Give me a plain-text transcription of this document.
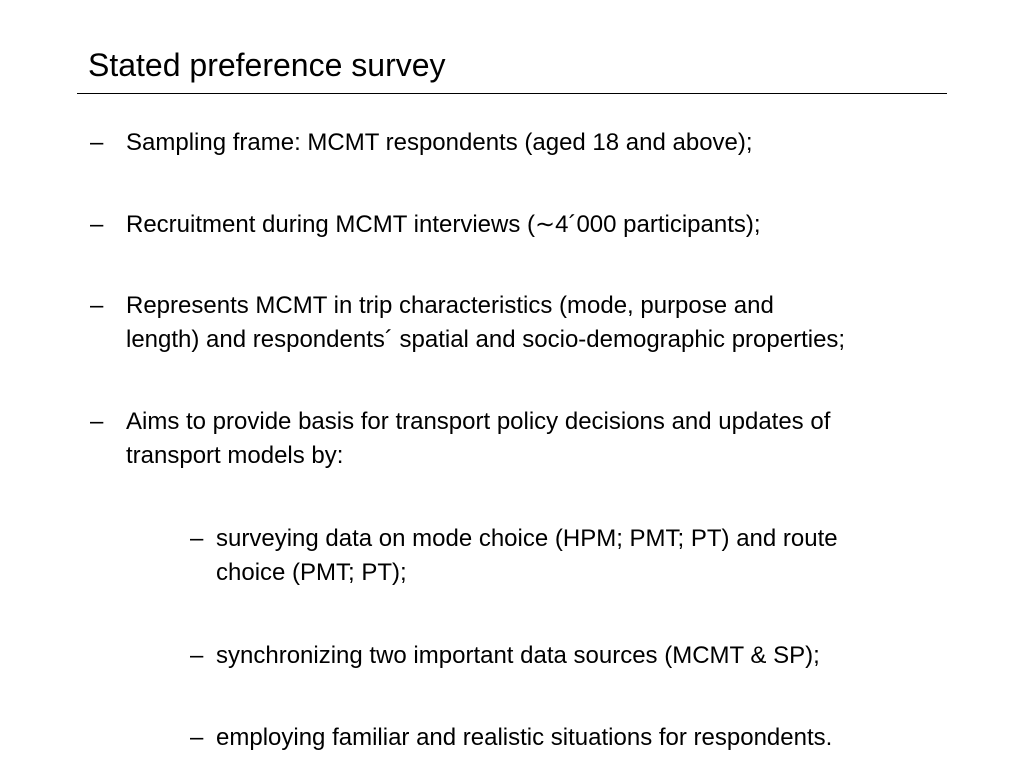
Stated preference survey
– Sampling frame: MCMT respondents (aged 18 and above);
– Recruitment during MCMT interviews (∼4´000 participants);
– Represents MCMT in trip characteristics (mode, purpose and
length) and respondents´ spatial and socio-demographic properties;
– Aims to provide basis for transport policy decisions and updates of
transport models by:
– surveying data on mode choice (HPM; PMT; PT) and route
choice (PMT; PT);
– synchronizing two important data sources (MCMT & SP);
– employing familiar and realistic situations for respondents.
